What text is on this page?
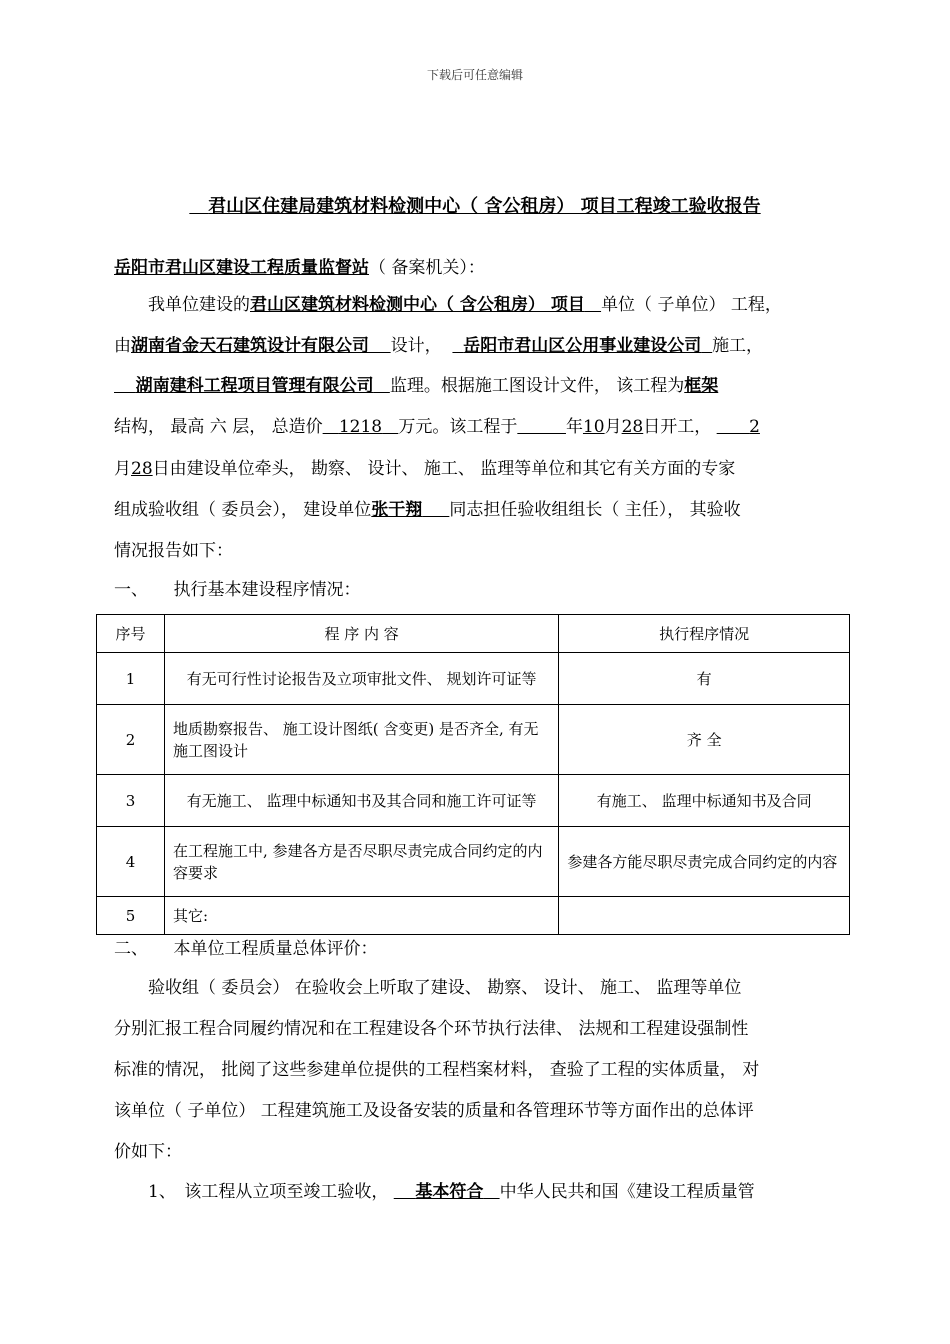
下载后可任意编辑
君山区住建局建筑材料检测中心（ 含公租房） 项目工程竣工验收报告
岳阳市君山区建设工程质量监督站（ 备案机关）：
我单位建设的君山区建筑材料检测中心（ 含公租房） 项目 单位（ 子单位） 工程，
由湖南省金天石建筑设计有限公司 设计， 岳阳市君山区公用事业建设公司 施工，
湖南建科工程项目管理有限公司 监理。根据施工图设计文件， 该工程为框架
结构， 最高 六 层， 总造价 1218 万元。该工程于	年10月28日开工， 2
月28日由建设单位牵头， 勘察、 设计、 施工、 监理等单位和其它有关方面的专家
组成验收组（ 委员会）， 建设单位张干翔 同志担任验收组组长（ 主任）， 其验收
情况报告如下：
一、　　执行基本建设程序情况：
序号	程 序 内 容	执行程序情况
1	有无可行性讨论报告及立项审批文件、 规划许可证等	有
2	地质勘察报告、 施工设计图纸( 含变更) 是否齐全, 有无施工图设计	齐 全
3	有无施工、 监理中标通知书及其合同和施工许可证等	有施工、 监理中标通知书及合同
4	在工程施工中, 参建各方是否尽职尽责完成合同约定的内容要求	参建各方能尽职尽责完成合同约定的内容
5	其它:	
二、　　本单位工程质量总体评价：
验收组（ 委员会） 在验收会上听取了建设、 勘察、 设计、 施工、 监理等单位
分别汇报工程合同履约情况和在工程建设各个环节执行法律、 法规和工程建设强制性
标准的情况， 批阅了这些参建单位提供的工程档案材料， 查验了工程的实体质量， 对
该单位（ 子单位） 工程建筑施工及设备安装的质量和各管理环节等方面作出的总体评
价如下：
1、　该工程从立项至竣工验收， 基本符合 中华人民共和国《建设工程质量管
